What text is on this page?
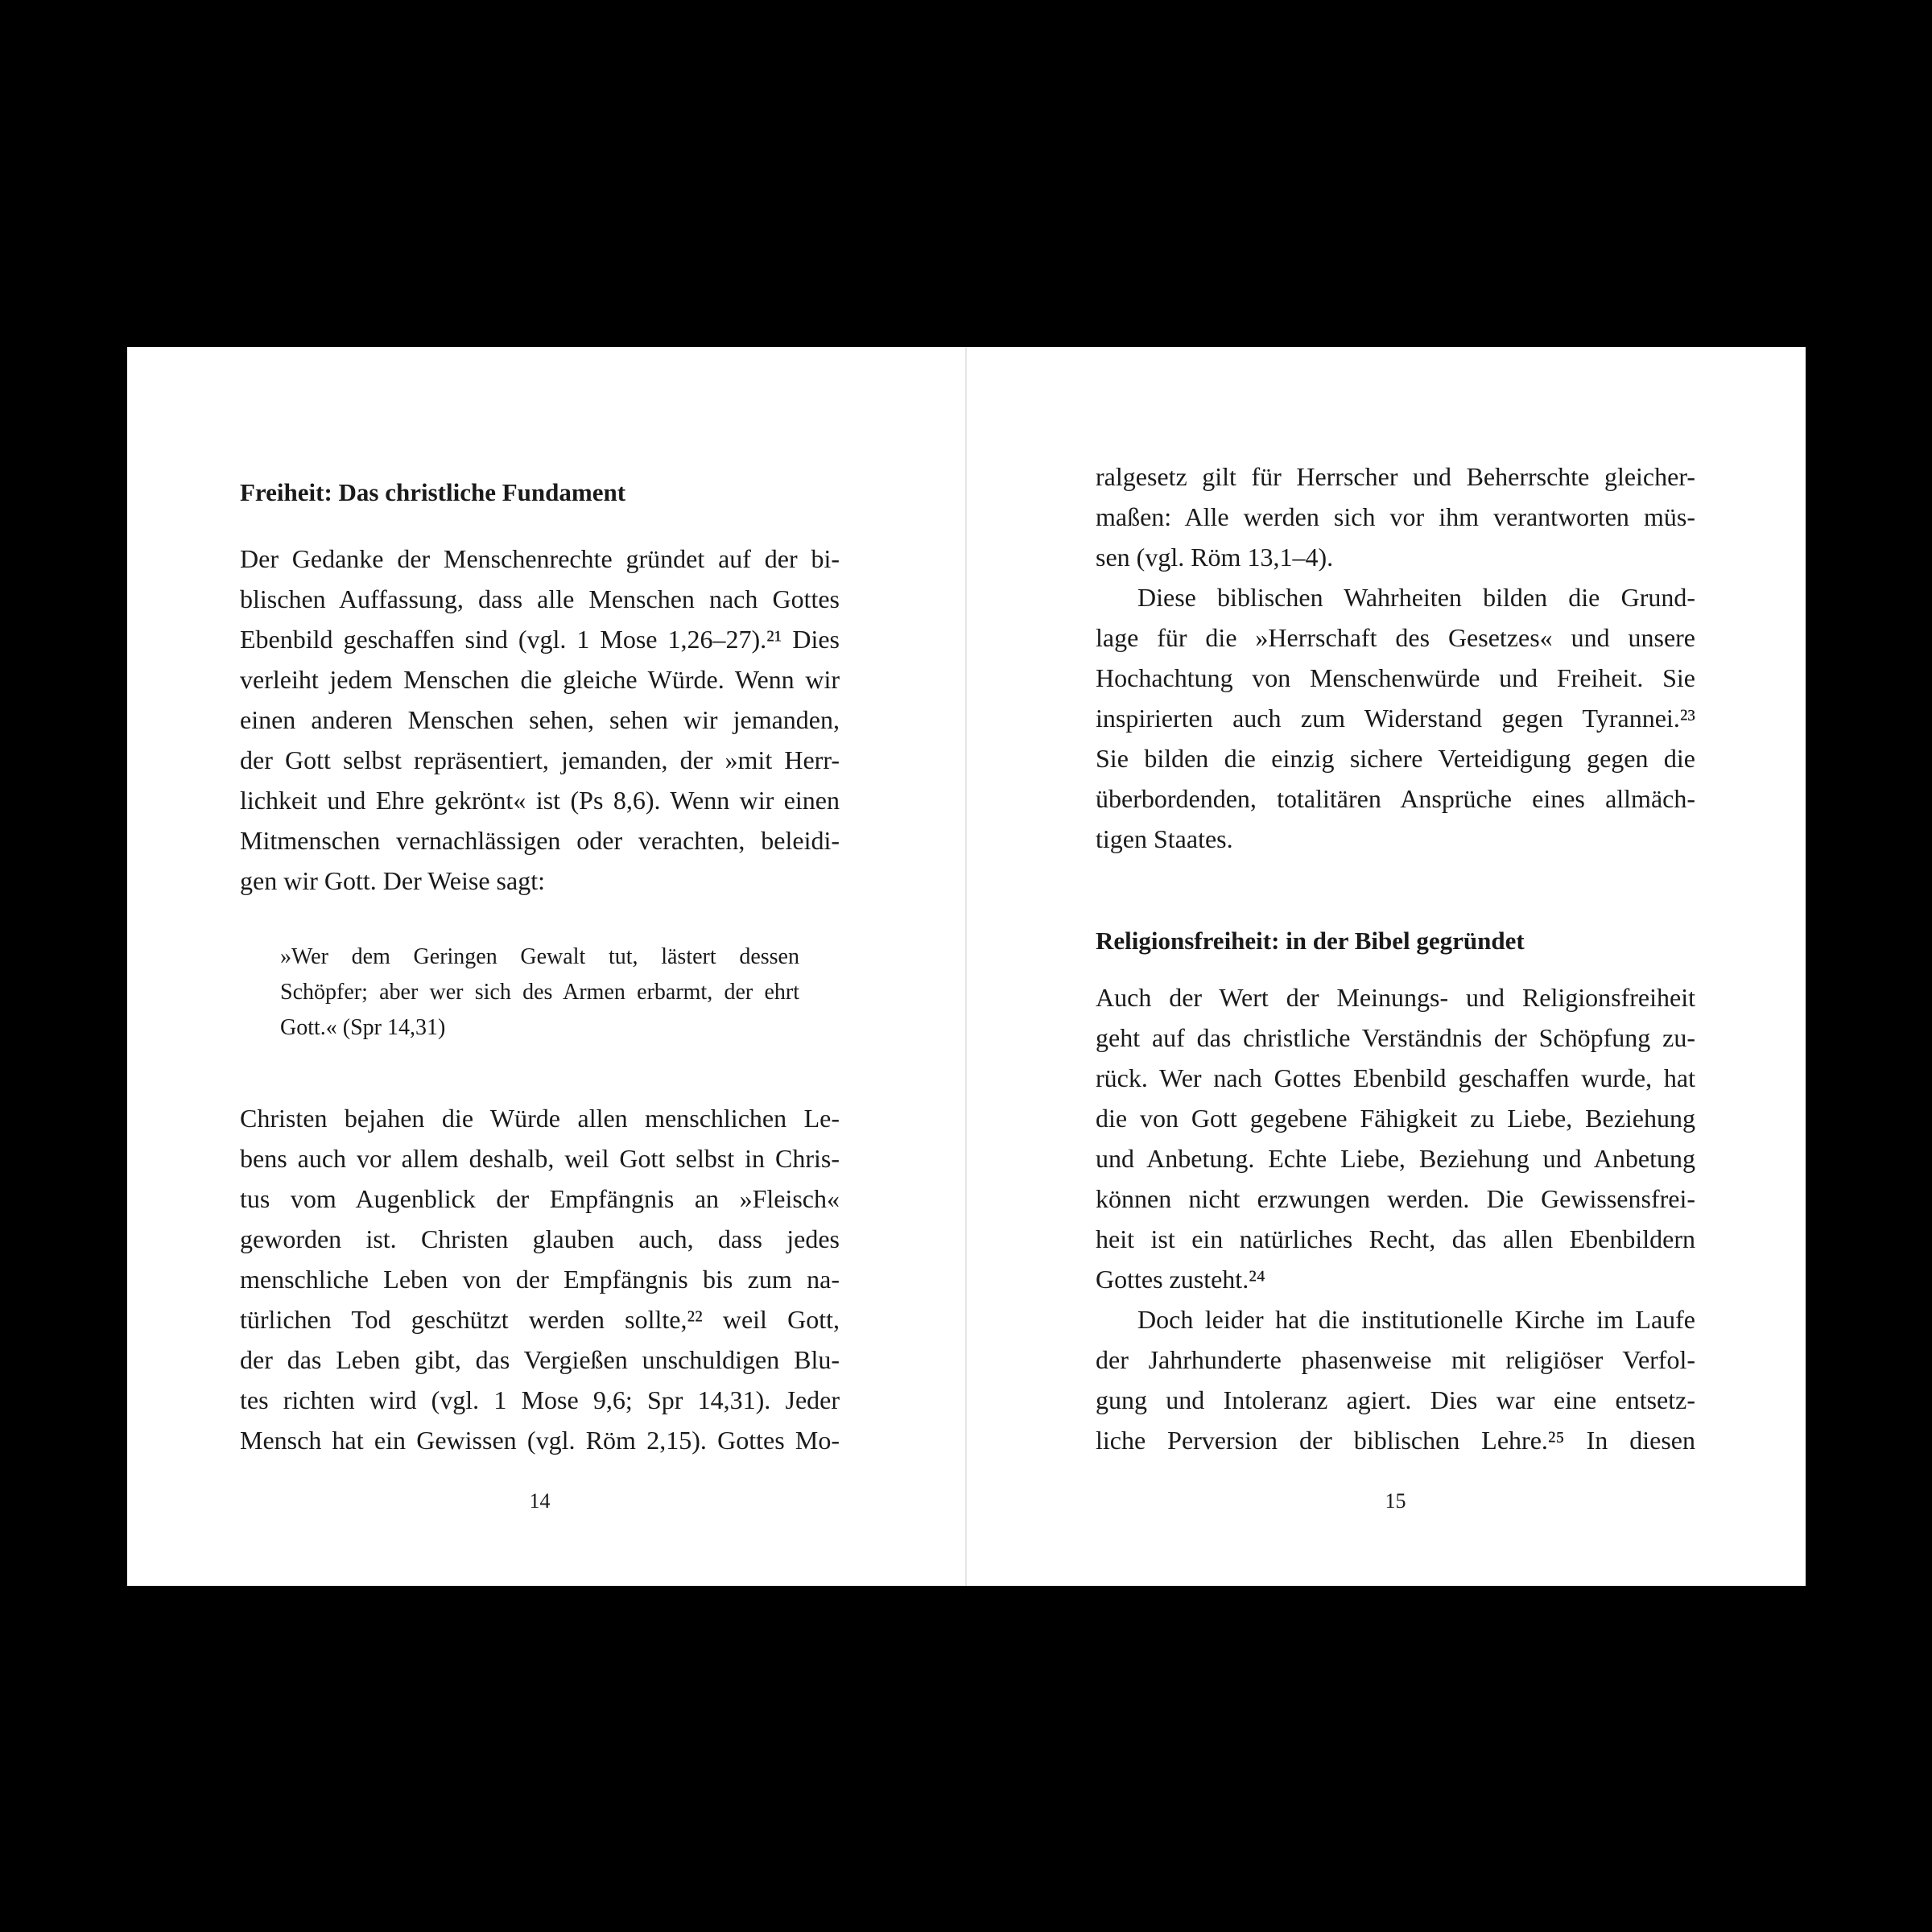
Freiheit: Das christliche Fundament
Der Gedanke der Menschenrechte gründet auf der bi-
blischen Auffassung, dass alle Menschen nach Gottes
Ebenbild geschaffen sind (vgl. 1 Mose 1,26–27).²¹ Dies
verleiht jedem Menschen die gleiche Würde. Wenn wir
einen anderen Menschen sehen, sehen wir jemanden,
der Gott selbst repräsentiert, jemanden, der »mit Herr-
lichkeit und Ehre gekrönt« ist (Ps 8,6). Wenn wir einen
Mitmenschen vernachlässigen oder verachten, beleidi-
gen wir Gott. Der Weise sagt:
»Wer dem Geringen Gewalt tut, lästert dessen
Schöpfer; aber wer sich des Armen erbarmt, der ehrt
Gott.« (Spr 14,31)
Christen bejahen die Würde allen menschlichen Le-
bens auch vor allem deshalb, weil Gott selbst in Chris-
tus vom Augenblick der Empfängnis an »Fleisch«
geworden ist. Christen glauben auch, dass jedes
menschliche Leben von der Empfängnis bis zum na-
türlichen Tod geschützt werden sollte,²² weil Gott,
der das Leben gibt, das Vergießen unschuldigen Blu-
tes richten wird (vgl. 1 Mose 9,6; Spr 14,31). Jeder
Mensch hat ein Gewissen (vgl. Röm 2,15). Gottes Mo-
14
ralgesetz gilt für Herrscher und Beherrschte gleicher-
maßen: Alle werden sich vor ihm verantworten müs-
sen (vgl. Röm 13,1–4).
Diese biblischen Wahrheiten bilden die Grund-
lage für die »Herrschaft des Gesetzes« und unsere
Hochachtung von Menschenwürde und Freiheit. Sie
inspirierten auch zum Widerstand gegen Tyrannei.²³
Sie bilden die einzig sichere Verteidigung gegen die
überbordenden, totalitären Ansprüche eines allmäch-
tigen Staates.
Religionsfreiheit: in der Bibel gegründet
Auch der Wert der Meinungs- und Religionsfreiheit
geht auf das christliche Verständnis der Schöpfung zu-
rück. Wer nach Gottes Ebenbild geschaffen wurde, hat
die von Gott gegebene Fähigkeit zu Liebe, Beziehung
und Anbetung. Echte Liebe, Beziehung und Anbetung
können nicht erzwungen werden. Die Gewissensfrei-
heit ist ein natürliches Recht, das allen Ebenbildern
Gottes zusteht.²⁴
Doch leider hat die institutionelle Kirche im Laufe
der Jahrhunderte phasenweise mit religiöser Verfol-
gung und Intoleranz agiert. Dies war eine entsetz-
liche Perversion der biblischen Lehre.²⁵ In diesen
15
